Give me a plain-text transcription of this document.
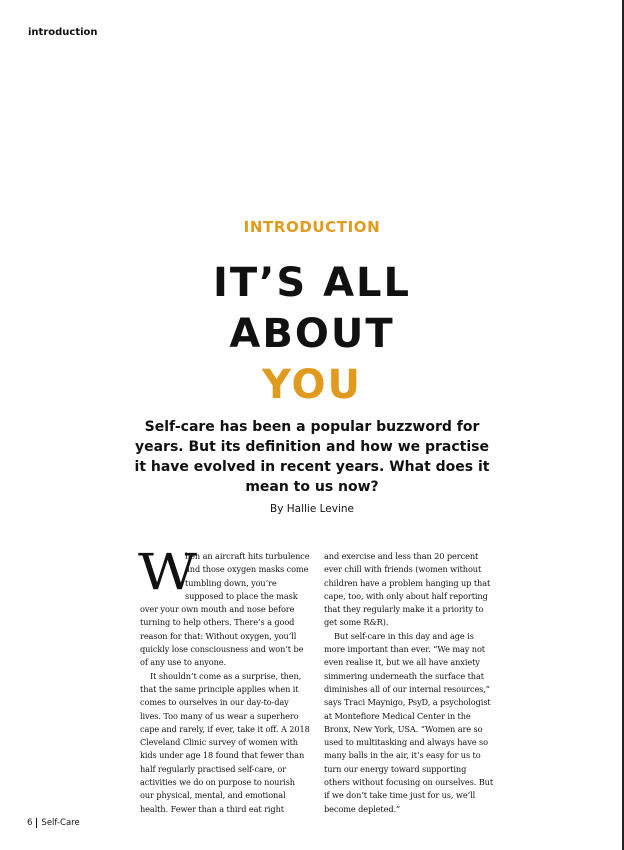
introduction
INTRODUCTION
IT’S ALL
ABOUT
YOU
Self-care has been a popular buzzword for years. But its definition and how we practise it have evolved in recent years. What does it mean to us now?
By Hallie Levine

W
hen an aircraft hits turbulence and those oxygen masks come tumbling down, you’re supposed to place the mask over your own mouth and nose before turning to help others. There’s a good reason for that: Without oxygen, you’ll quickly lose consciousness and won’t be of any use to anyone.

It shouldn’t come as a surprise, then, that the same principle applies when it comes to ourselves in our day-to-day lives. Too many of us wear a superhero cape and rarely, if ever, take it off. A 2018 Cleveland Clinic survey of women with kids under age 18 found that fewer than half regularly practised self-care, or activities we do on purpose to nourish our physical, mental, and emotional health. Fewer than a third eat right

and exercise and less than 20 percent ever chill with friends (women without children have a problem hanging up that cape, too, with only about half reporting that they regularly make it a priority to get some R&R).

But self-care in this day and age is more important than ever. “We may not even realise it, but we all have anxiety simmering underneath the surface that diminishes all of our internal resources,” says Traci Maynigo, PsyD, a psychologist at Montefiore Medical Center in the Bronx, New York, USA. “Women are so used to multitasking and always have so many balls in the air, it’s easy for us to turn our energy toward supporting others without focusing on ourselves. But if we don’t take time just for us, we’ll become depleted.”

6 Self-Care
